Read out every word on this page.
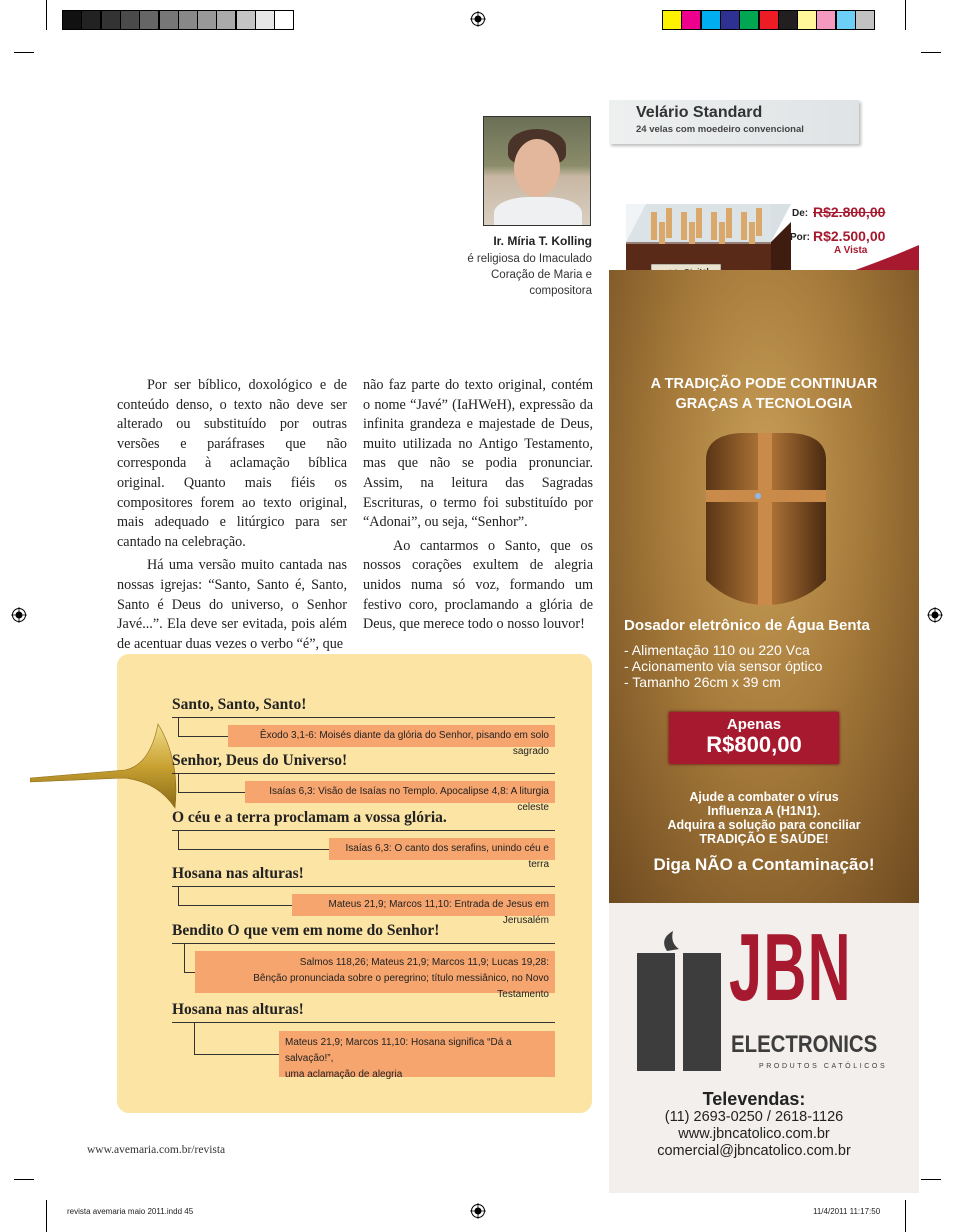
Ir. Míria T. Kolling
é religiosa do Imaculado
Coração de Maria e
compositora

Por ser bíblico, doxológico e de conteúdo denso, o texto não deve ser alterado ou substituído por outras versões e paráfrases que não corresponda à aclamação bíblica original. Quanto mais fiéis os compositores forem ao texto original, mais adequado e litúrgico para ser cantado na celebração.

Há uma versão muito cantada nas nossas igrejas: “Santo, Santo é, Santo, Santo é Deus do universo, o Senhor Javé...”. Ela deve ser evitada, pois além de acentuar duas vezes o verbo “é”, que

não faz parte do texto original, contém o nome “Javé” (IaHWeH), expressão da infinita grandeza e majestade de Deus, muito utilizada no Antigo Testamento, mas que não se podia pronunciar. Assim, na leitura das Sagradas Escrituras, o termo foi substituído por “Adonai”, ou seja, “Senhor”.

Ao cantarmos o Santo, que os nossos corações exultem de alegria unidos numa só voz, formando um festivo coro, proclamando a glória de Deus, que merece todo o nosso louvor!

Santo, Santo, Santo!
Êxodo 3,1-6: Moisés diante da glória do Senhor, pisando em solo sagrado
Senhor, Deus do Universo!
Isaías 6,3: Visão de Isaías no Templo. Apocalipse 4,8: A liturgia celeste
O céu e a terra proclamam a vossa glória.
Isaías 6,3: O canto dos serafins, unindo céu e terra
Hosana nas alturas!
Mateus 21,9; Marcos 11,10: Entrada de Jesus em Jerusalém
Bendito O que vem em nome do Senhor!
Salmos 118,26; Mateus 21,9; Marcos 11,9; Lucas 19,28:
Bênção pronunciada sobre o peregrino; título messiânico, no Novo Testamento
Hosana nas alturas!
Mateus 21,9; Marcos 11,10: Hosana significa “Dá a salvação!”,
uma aclamação de alegria
www.avemaria.com.br/revista
revista avemaria maio 2011.indd 45	11/4/2011 11:17:50
Velário Standard
24 velas com moedeiro convencional
De: R$2.800,00
Por: R$2.500,00
A Vista
A TRADIÇÃO PODE CONTINUAR
GRAÇAS A TECNOLOGIA
Dosador eletrônico de Água Benta
- Alimentação 110 ou 220 Vca
- Acionamento via sensor óptico
- Tamanho 26cm x 39 cm
Apenas
R$800,00
Ajude a combater o vírus
Influenza A (H1N1).
Adquira a solução para conciliar
TRADIÇÃO E SAÚDE!
Diga NÃO a Contaminação!
JBN
ELECTRONICS
PRODUTOS CATÓLICOS
Televendas:
(11) 2693-0250 / 2618-1126
www.jbncatolico.com.br
comercial@jbncatolico.com.br
